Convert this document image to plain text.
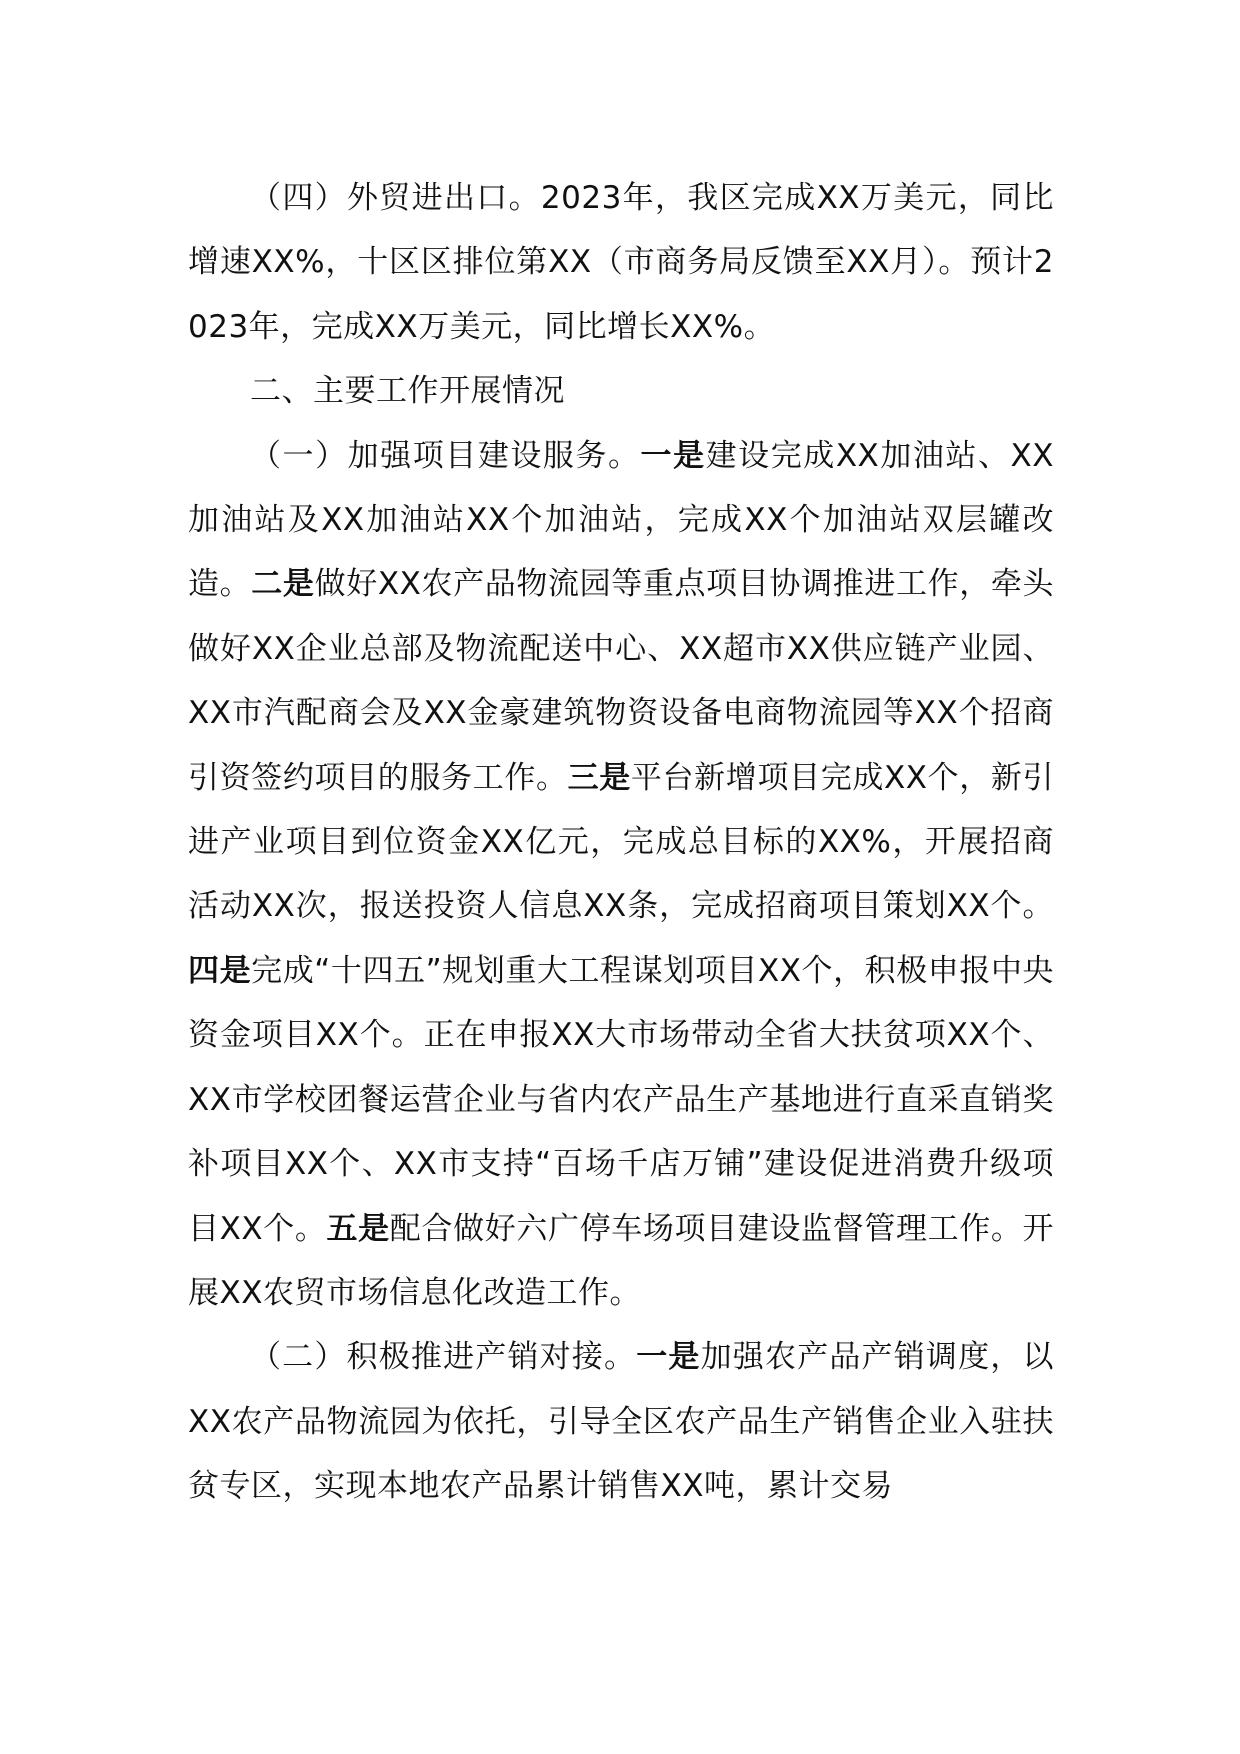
（四）外贸进出口。2023年，我区完成XX万美元，同比增速XX%，十区区排位第XX（市商务局反馈至XX月）。预计2023年，完成XX万美元，同比增长XX%。

二、主要工作开展情况

（一）加强项目建设服务。一是建设完成XX加油站、XX加油站及XX加油站XX个加油站，完成XX个加油站双层罐改造。二是做好XX农产品物流园等重点项目协调推进工作，牵头做好XX企业总部及物流配送中心、XX超市XX供应链产业园、XX市汽配商会及XX金豪建筑物资设备电商物流园等XX个招商引资签约项目的服务工作。三是平台新增项目完成XX个，新引进产业项目到位资金XX亿元，完成总目标的XX%，开展招商活动XX次，报送投资人信息XX条，完成招商项目策划XX个。四是完成“十四五”规划重大工程谋划项目XX个，积极申报中央资金项目XX个。正在申报XX大市场带动全省大扶贫项XX个、XX市学校团餐运营企业与省内农产品生产基地进行直采直销奖补项目XX个、XX市支持“百场千店万铺”建设促进消费升级项目XX个。五是配合做好六广停车场项目建设监督管理工作。开展XX农贸市场信息化改造工作。

（二）积极推进产销对接。一是加强农产品产销调度，以XX农产品物流园为依托，引导全区农产品生产销售企业入驻扶贫专区，实现本地农产品累计销售XX吨，累计交易
